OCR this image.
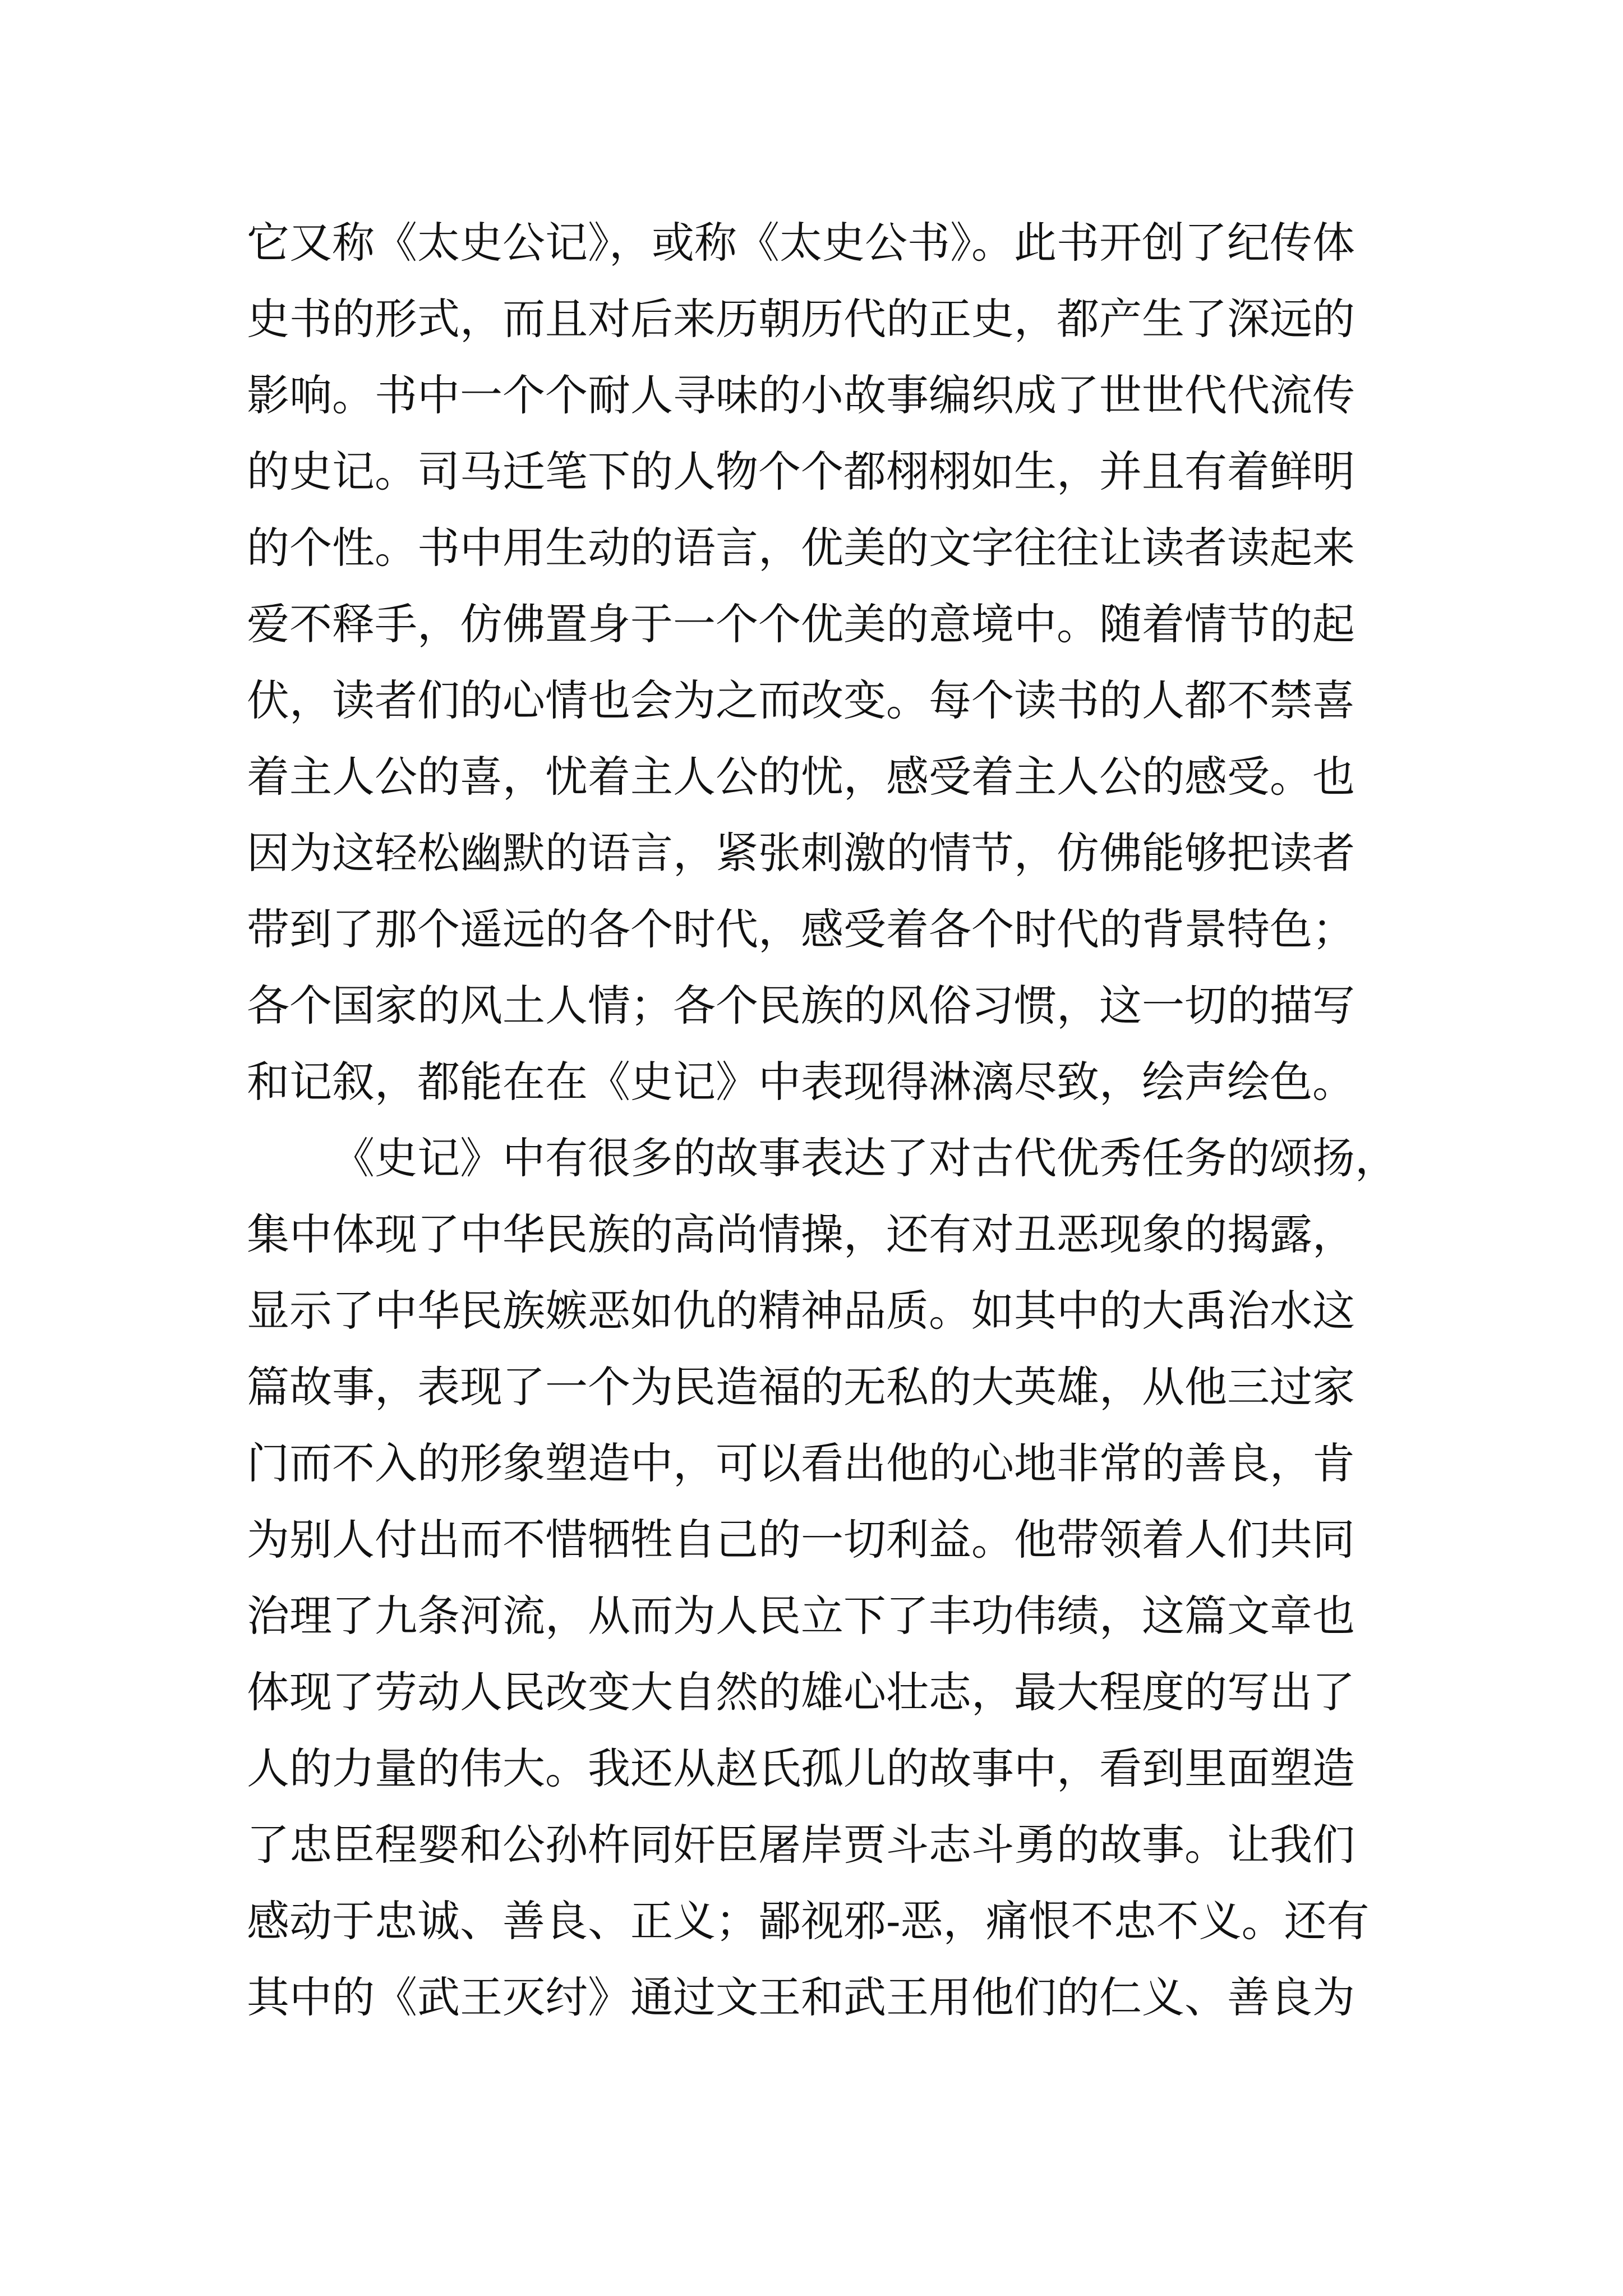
它又称《太史公记》，或称《太史公书》。此书开创了纪传体
史书的形式，而且对后来历朝历代的正史，都产生了深远的
影响。书中一个个耐人寻味的小故事编织成了世世代代流传
的史记。司马迁笔下的人物个个都栩栩如生，并且有着鲜明
的个性。书中用生动的语言，优美的文字往往让读者读起来
爱不释手，仿佛置身于一个个优美的意境中。随着情节的起
伏，读者们的心情也会为之而改变。每个读书的人都不禁喜
着主人公的喜，忧着主人公的忧，感受着主人公的感受。也
因为这轻松幽默的语言，紧张刺激的情节，仿佛能够把读者
带到了那个遥远的各个时代，感受着各个时代的背景特色；
各个国家的风土人情；各个民族的风俗习惯，这一切的描写
和记叙，都能在在《史记》中表现得淋漓尽致，绘声绘色。
《史记》中有很多的故事表达了对古代优秀任务的颂扬，
集中体现了中华民族的高尚情操，还有对丑恶现象的揭露，
显示了中华民族嫉恶如仇的精神品质。如其中的大禹治水这
篇故事，表现了一个为民造福的无私的大英雄，从他三过家
门而不入的形象塑造中，可以看出他的心地非常的善良，肯
为别人付出而不惜牺牲自己的一切利益。他带领着人们共同
治理了九条河流，从而为人民立下了丰功伟绩，这篇文章也
体现了劳动人民改变大自然的雄心壮志，最大程度的写出了
人的力量的伟大。我还从赵氏孤儿的故事中，看到里面塑造
了忠臣程婴和公孙杵同奸臣屠岸贾斗志斗勇的故事。让我们
感动于忠诚、善良、正义；鄙视邪-恶，痛恨不忠不义。还有
其中的《武王灭纣》通过文王和武王用他们的仁义、善良为
